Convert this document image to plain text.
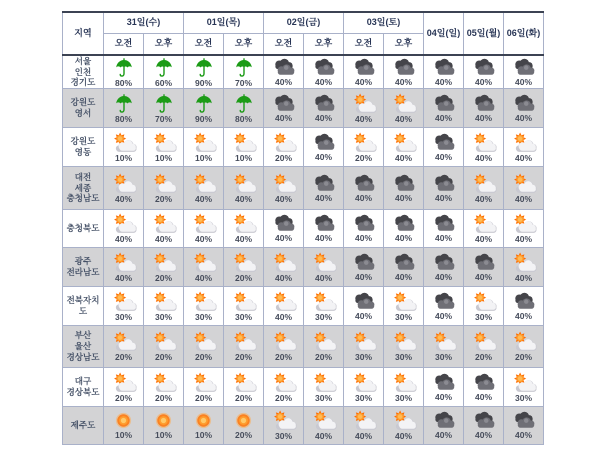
지역	31일(수)		01일(목)		02일(금)		03일(토)		04일(일)	05일(월)	06일(화)
	오전	오후	오전	오후	오전	오후	오전	오후			
서울
인천
경기도	80%	60%	90%	70%	40%	40%	40%	40%	40%	40%	40%

강원도
영서	80%	70%	90%	80%	40%	40%	40%	40%	40%	40%	40%

강원도
영동	10%	10%	10%	10%	20%	40%	20%	40%	40%	40%	40%

대전
세종
충청남도	40%	20%	40%	40%	40%	40%	40%	40%	40%	40%	40%

충청북도	40%	40%	40%	40%	40%	40%	40%	40%	40%	40%	40%

광주
전라남도	40%	20%	40%	20%	40%	40%	40%	40%	40%	40%	40%

전북자치도	30%	30%	30%	30%	40%	30%	40%	30%	40%	30%	40%

부산
울산
경상남도	20%	20%	20%	20%	20%	20%	30%	30%	30%	20%	20%

대구
경상북도	20%	20%	20%	20%	20%	30%	30%	30%	40%	40%	30%

제주도	10%	10%	10%	20%	30%	40%	40%	40%	40%	40%	40%
